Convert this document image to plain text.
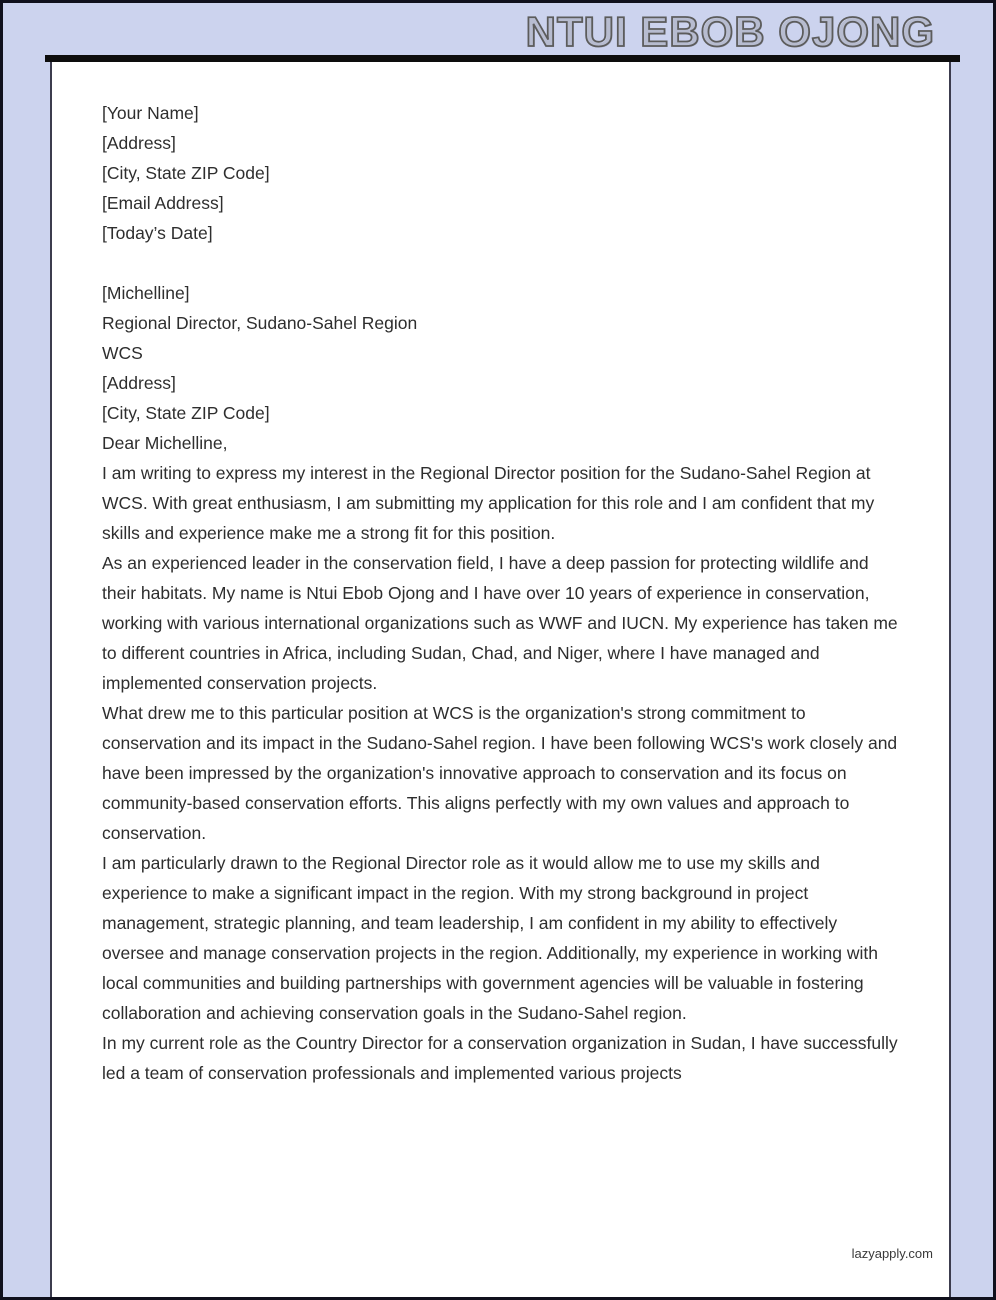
NTUI EBOB OJONG

[Your Name]

[Address]

[City, State ZIP Code]

[Email Address]

[Today’s Date]

[Michelline]

Regional Director, Sudano-Sahel Region

WCS

[Address]

[City, State ZIP Code]

Dear Michelline,

I am writing to express my interest in the Regional Director position for the Sudano-Sahel Region at WCS. With great enthusiasm, I am submitting my application for this role and I am confident that my skills and experience make me a strong fit for this position.

As an experienced leader in the conservation field, I have a deep passion for protecting wildlife and their habitats. My name is Ntui Ebob Ojong and I have over 10 years of experience in conservation, working with various international organizations such as WWF and IUCN. My experience has taken me to different countries in Africa, including Sudan, Chad, and Niger, where I have managed and implemented conservation projects.

What drew me to this particular position at WCS is the organization's strong commitment to conservation and its impact in the Sudano-Sahel region. I have been following WCS's work closely and have been impressed by the organization's innovative approach to conservation and its focus on community-based conservation efforts. This aligns perfectly with my own values and approach to conservation.

I am particularly drawn to the Regional Director role as it would allow me to use my skills and experience to make a significant impact in the region. With my strong background in project management, strategic planning, and team leadership, I am confident in my ability to effectively oversee and manage conservation projects in the region. Additionally, my experience in working with local communities and building partnerships with government agencies will be valuable in fostering collaboration and achieving conservation goals in the Sudano-Sahel region.

In my current role as the Country Director for a conservation organization in Sudan, I have successfully led a team of conservation professionals and implemented various projects

lazyapply.com
